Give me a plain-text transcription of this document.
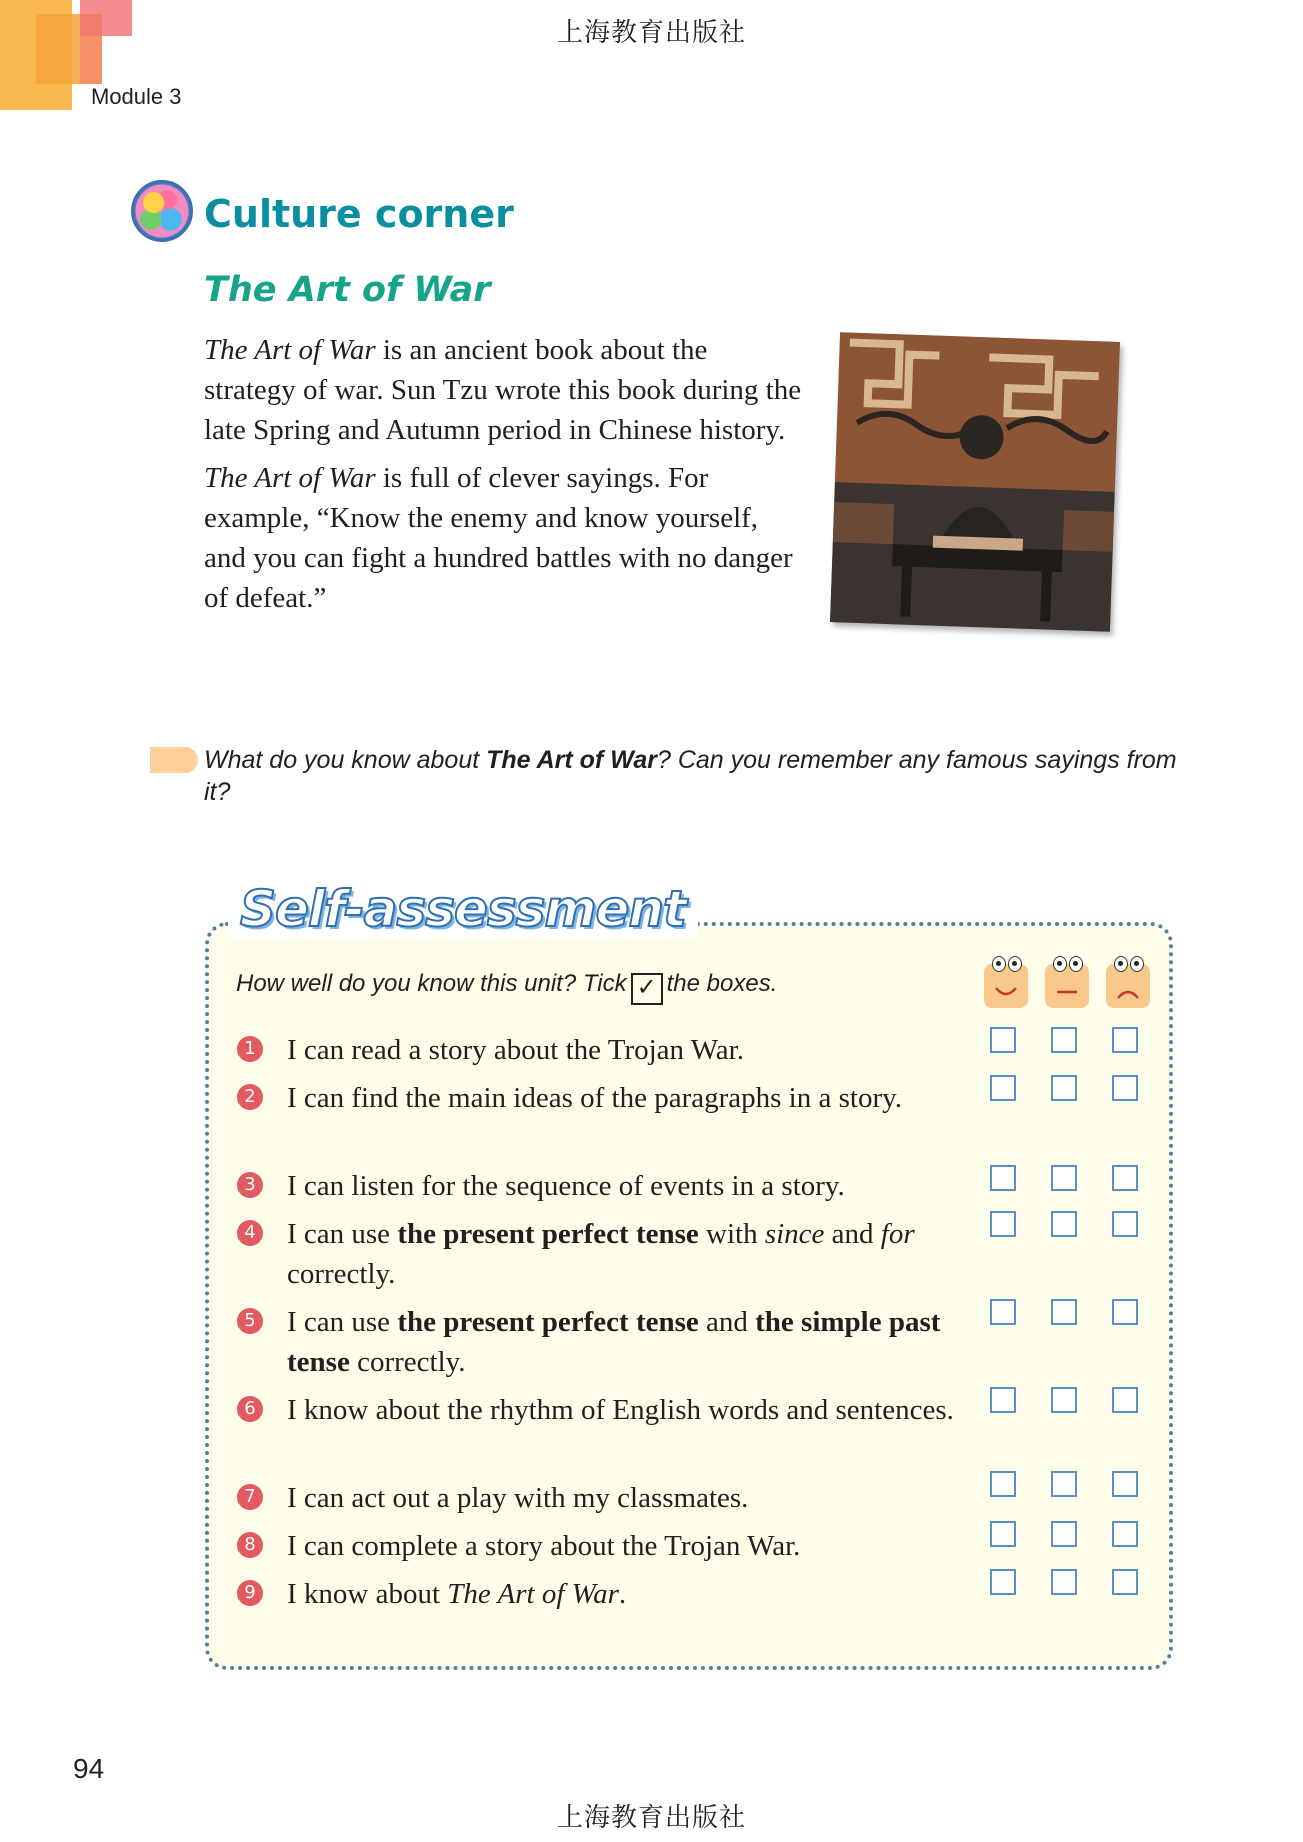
上海教育出版社
Module 3
Culture corner
The Art of War

The Art of War is an ancient book about the strategy of war. Sun Tzu wrote this book during the late Spring and Autumn period in Chinese history.

The Art of War is full of clever sayings. For example, “Know the enemy and know yourself, and you can fight a hundred battles with no danger of defeat.”

What do you know about The Art of War? Can you remember any famous sayings from it?
Self-assessment
How well do you know this unit? Tick ✓ the boxes.
1 I can read a story about the Trojan War.
2 I can find the main ideas of the paragraphs in a story.
3 I can listen for the sequence of events in a story.
4 I can use the present perfect tense with since and for correctly.
5 I can use the present perfect tense and the simple past tense correctly.
6 I know about the rhythm of English words and sentences.
7 I can act out a play with my classmates.
8 I can complete a story about the Trojan War.
9 I know about The Art of War.
94
上海教育出版社
